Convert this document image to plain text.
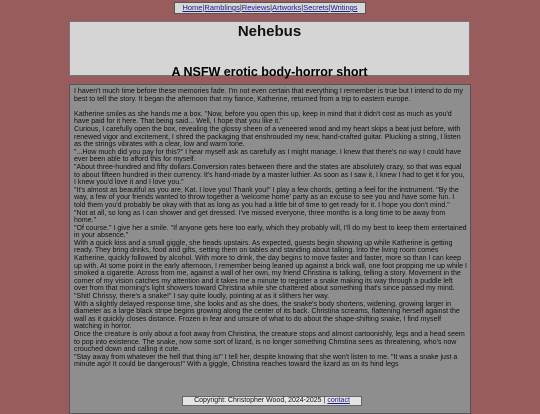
Home|Ramblings|Reviews|Artworks|Secrets|Writings
Nehebus
A NSFW erotic body-horror short

I haven't much time before these memories fade. I'm not even certain that everything I remember is true but I intend to do my best to tell the story. It began the afternoon that my fiance, Katherine, returned from a trip to eastern europe.

Katherine smiles as she hands me a box. "Now, before you open this up, keep in mind that it didn't cost as much as you'd have paid for it here. That being said... Well, I hope that you like it."

Curious, I carefully open the box, revealing the glossy sheen of a veneered wood and my heart skips a beat just before, with renewed vigor and excitement, I shred the packaging that enshrouded my new, hand-crafted guitar. Plucking a string, I listen as the strings vibrates with a clear, low and warm tone.

"...How much did you pay for this?" I hear myself ask as carefully as I might manage. I knew that there's no way I could have ever been able to afford this for myself.

"About three-hundred and fifty dollars.Conversion rates between there and the states are absolutely crazy, so that was equal to about fifteen hundred in their currency. It's hand-made by a master luthier. As soon as I saw it, I knew I had to get it for you, I knew you'd love it and I love you."

"It's almost as beautiful as you are, Kat. I love you! Thank you!" I play a few chords, getting a feel for the instrument. "By the way, a few of your friends wanted to throw together a 'welcome home' party as an excuse to see you and have some fun. I told them you'd probably be okay with that as long as you had a little bit of time to get ready for it. I hope you don't mind."

"Not at all, so long as I can shower and get dressed. I've missed everyone, three months is a long time to be away from home."

"Of course." I give her a smile. "If anyone gets here too early, which they probably will, I'll do my best to keep them entertained in your absence."

With a quick kiss and a small giggle, she heads upstairs. As expected, guests begin showing up while Katherine is getting ready. They bring drinks, food and gifts, setting them on tables and standing about talking. Into the living room comes Katherine, quickly followed by alcohol. With more to drink, the day begins to move faster and faster, more so than I can keep up with. At some point in the early afternoon, I remember being leaned up against a brick wall, one foot propping me up while I smoked a cigarette. Across from me, against a wall of her own, my friend Christina is talking, telling a story. Movement in the corner of my vision catches my attention and it takes me a minute to register a snake making its way through a puddle left over from that morning's light showers toward Christina while she chattered about something that's since passed my mind.

"Shit! Chrissy, there's a snake!" I say quite loudly, pointing at as it slithers her way.

With a slightly delayed response time, she looks and as she does, the snake's body shortens, widening, growing larger in diameter as a large black stripe begins growing along the center of its back. Christina screams, flattening herself against the wall as it quickly closes distance. Frozen in fear and unsure of what to do about the shape-shifting snake, I find myself watching in horror.

Once the creature is only about a foot away from Christina, the creature stops and almost cartoonishly, legs and a head seem to pop into existence. The snake, now some sort of lizard, is no longer something Christina sees as threatening, who's now crouched down and calling it cute.

"Stay away from whatever the hell that thing is!" I tell her, despite knowing that she won't listen to me. "It was a snake just a minute ago! It could be dangerous!" With a giggle, Christina reaches toward the lizard as on its hind legs

Copyright: Christopher Wood, 2024-2025 | contact
